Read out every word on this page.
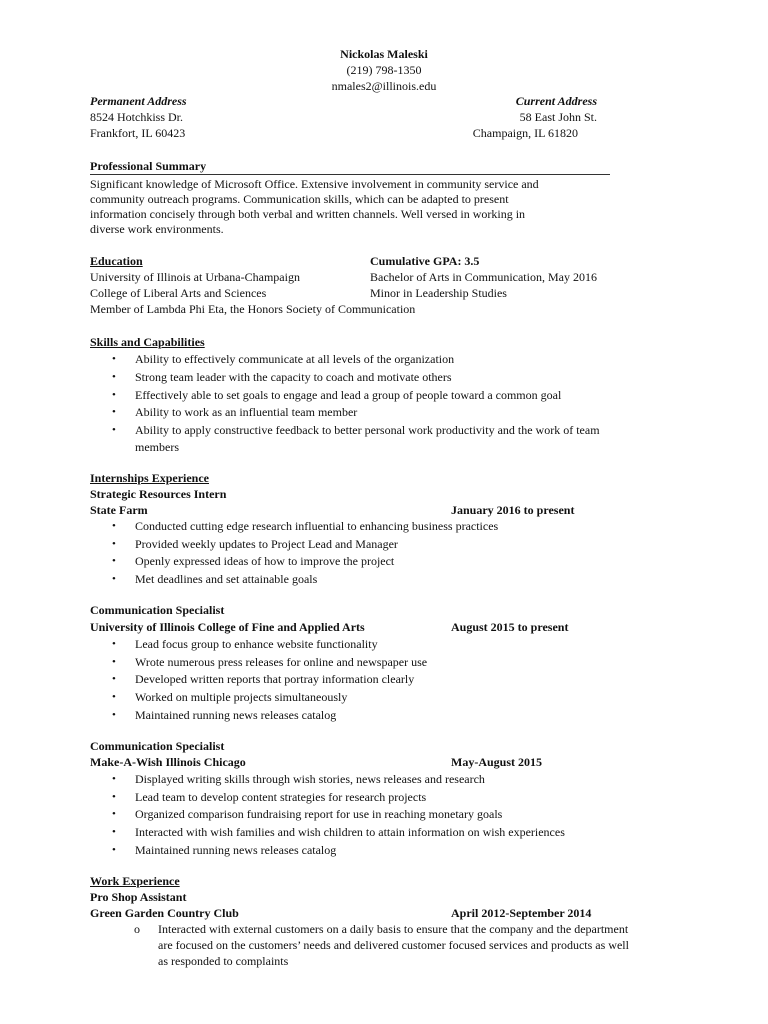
Nickolas Maleski
(219) 798-1350
nmales2@illinois.edu
Permanent Address	Current Address
8524 Hotchkiss Dr.	58 East John St.
Frankfort, IL 60423	Champaign, IL 61820
Professional Summary
Significant knowledge of Microsoft Office. Extensive involvement in community service and
community outreach programs. Communication skills, which can be adapted to present
information concisely through both verbal and written channels. Well versed in working in
diverse work environments.
Education	Cumulative GPA: 3.5
University of Illinois at Urbana-Champaign	Bachelor of Arts in Communication, May 2016
College of Liberal Arts and Sciences	Minor in Leadership Studies
Member of Lambda Phi Eta, the Honors Society of Communication
Skills and Capabilities
• Ability to effectively communicate at all levels of the organization
• Strong team leader with the capacity to coach and motivate others
• Effectively able to set goals to engage and lead a group of people toward a common goal
• Ability to work as an influential team member
• Ability to apply constructive feedback to better personal work productivity and the work of team
members
Internships Experience
Strategic Resources Intern
State Farm	January 2016 to present
• Conducted cutting edge research influential to enhancing business practices
• Provided weekly updates to Project Lead and Manager
• Openly expressed ideas of how to improve the project
• Met deadlines and set attainable goals
Communication Specialist
University of Illinois College of Fine and Applied Arts	August 2015 to present
• Lead focus group to enhance website functionality
• Wrote numerous press releases for online and newspaper use
• Developed written reports that portray information clearly
• Worked on multiple projects simultaneously
• Maintained running news releases catalog
Communication Specialist
Make-A-Wish Illinois Chicago	May-August 2015
• Displayed writing skills through wish stories, news releases and research
• Lead team to develop content strategies for research projects
• Organized comparison fundraising report for use in reaching monetary goals
• Interacted with wish families and wish children to attain information on wish experiences
• Maintained running news releases catalog
Work Experience
Pro Shop Assistant
Green Garden Country Club	April 2012-September 2014
o Interacted with external customers on a daily basis to ensure that the company and the department
are focused on the customers’ needs and delivered customer focused services and products as well
as responded to complaints
